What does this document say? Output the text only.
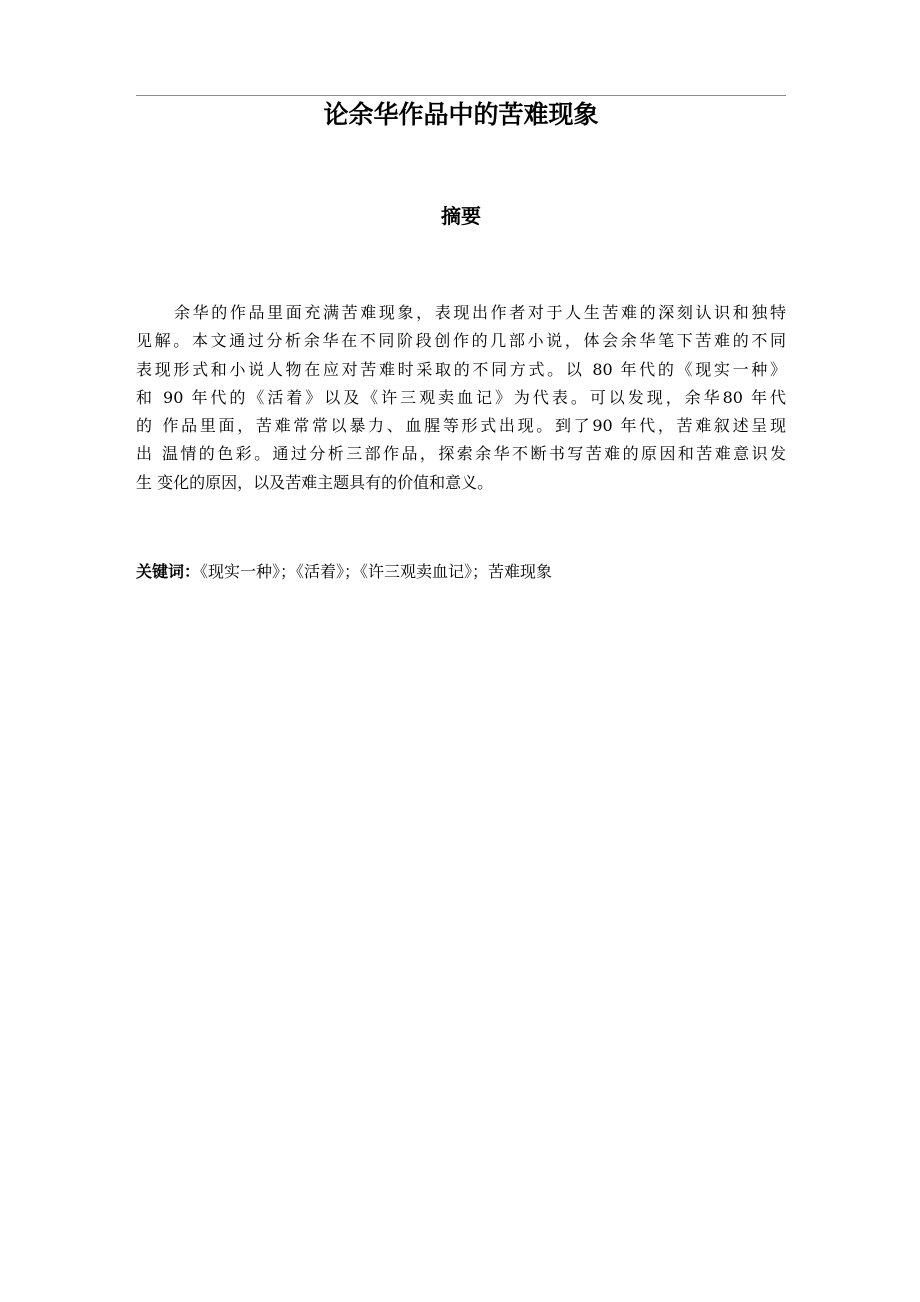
论余华作品中的苦难现象
摘要
余华的作品里面充满苦难现象，表现出作者对于人生苦难的深刻认识和独特
见解。本文通过分析余华在不同阶段创作的几部小说，体会余华笔下苦难的不同
表现形式和小说人物在应对苦难时采取的不同方式。以 80 年代的《现实一种》
和 90 年代的《活着》以及《许三观卖血记》为代表。可以发现，余华80 年代
的 作品里面，苦难常常以暴力、血腥等形式出现。到了90 年代，苦难叙述呈现
出 温情的色彩。通过分析三部作品，探索余华不断书写苦难的原因和苦难意识发
生 变化的原因，以及苦难主题具有的价值和意义。

关键词：《现实一种》；《活着》；《许三观卖血记》；苦难现象
